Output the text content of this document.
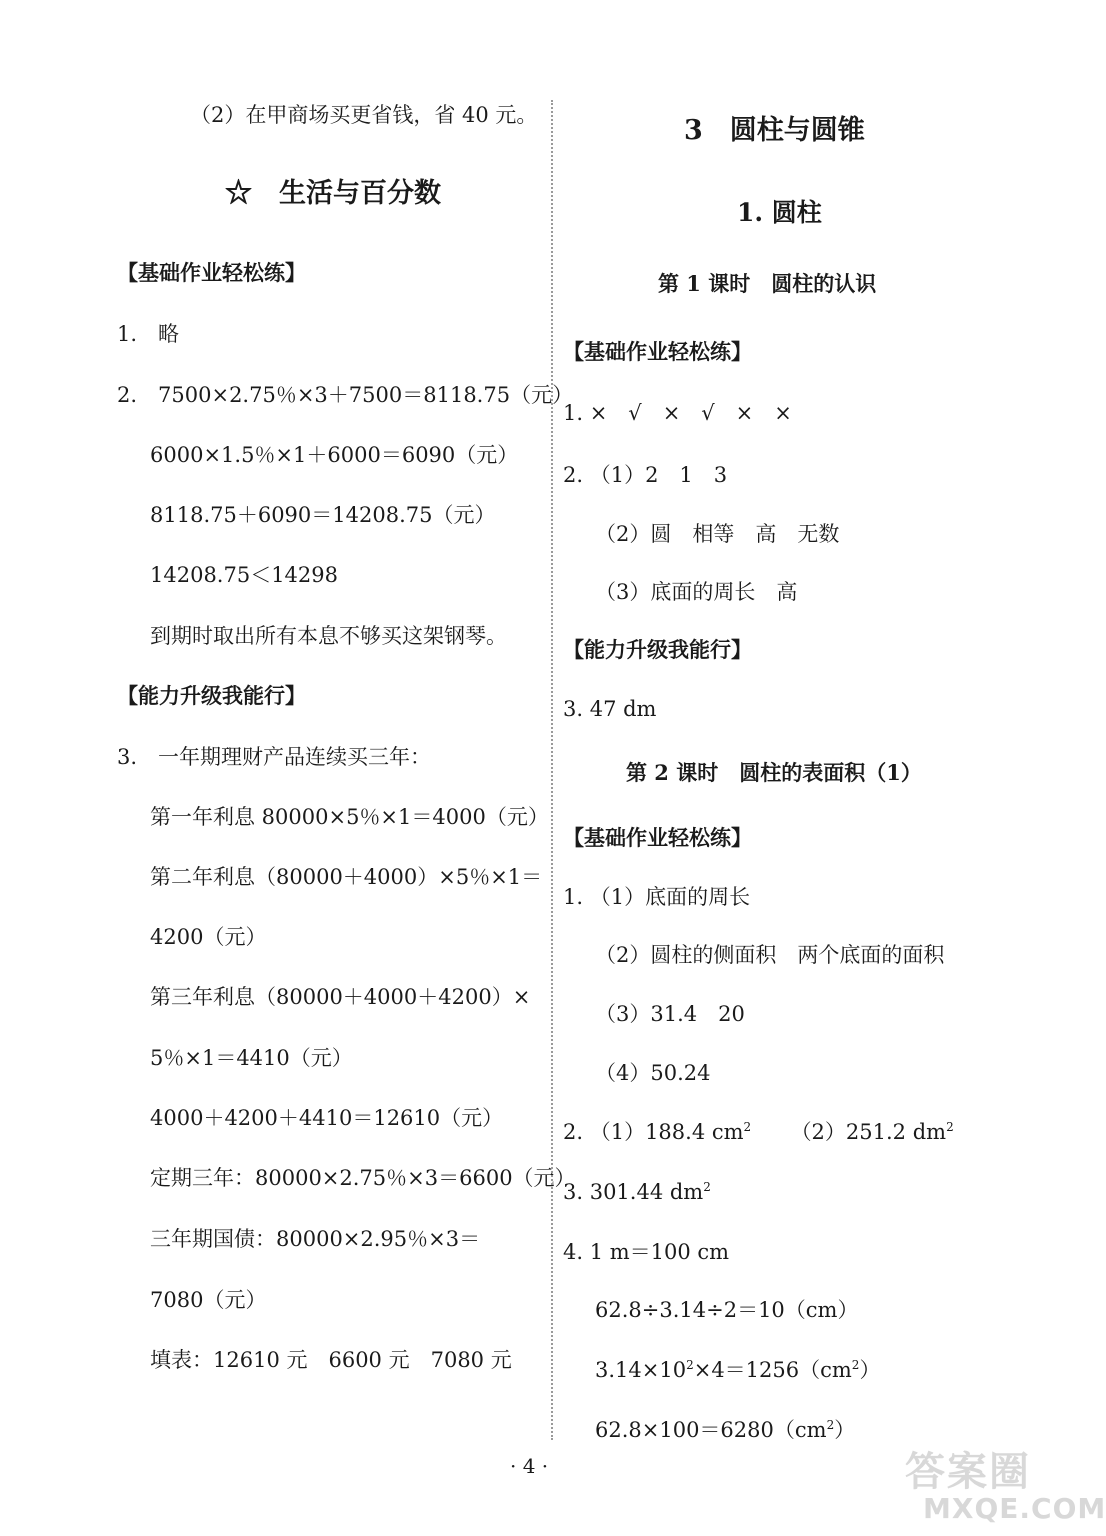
（2）在甲商场买更省钱，省 40 元。
☆　生活与百分数
【基础作业轻松练】
1.　略
2.　7500×2.75％×3＋7500＝8118.75（元）
6000×1.5％×1＋6000＝6090（元）
8118.75＋6090＝14208.75（元）
14208.75＜14298
到期时取出所有本息不够买这架钢琴。
【能力升级我能行】
3.　一年期理财产品连续买三年：
第一年利息 80000×5％×1＝4000（元）
第二年利息（80000＋4000）×5％×1＝
4200（元）
第三年利息（80000＋4000＋4200）×
5％×1＝4410（元）
4000＋4200＋4410＝12610（元）
定期三年：80000×2.75％×3＝6600（元）
三年期国债：80000×2.95％×3＝
7080（元）
填表：12610 元　6600 元　7080 元
3　圆柱与圆锥
1. 圆柱
第 1 课时　圆柱的认识
【基础作业轻松练】
1. ×　√　×　√　×　×
2. （1）2　1　3
（2）圆　相等　高　无数
（3）底面的周长　高
【能力升级我能行】
3. 47 dm
第 2 课时　圆柱的表面积（1）
【基础作业轻松练】
1. （1）底面的周长
（2）圆柱的侧面积　两个底面的面积
（3）31.4　20
（4）50.24
2. （1）188.4 $cm^2$ （2）251.2 $dm^2$
3. 301.44 $dm^2$
4. 1 m＝100 cm
62.8÷3.14÷2＝10（cm）
$3.14\times 10^2\times 4=1256(cm^2)$
$62.8\times 100=6280(cm^2)$
· 4 ·	答案圈
MXQE.COM
